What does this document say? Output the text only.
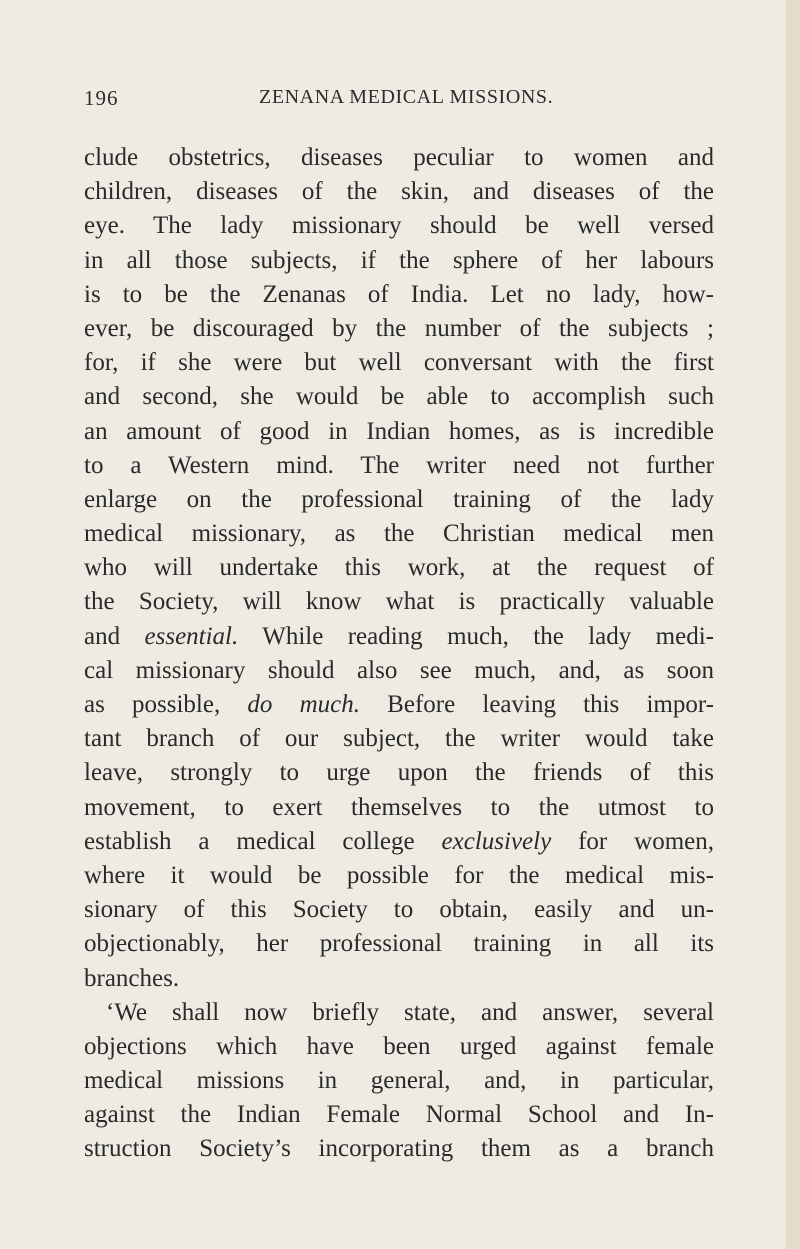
196	ZENANA MEDICAL MISSIONS.
clude obstetrics, diseases peculiar to women and
children, diseases of the skin, and diseases of the
eye. The lady missionary should be well versed
in all those subjects, if the sphere of her labours
is to be the Zenanas of India. Let no lady, how-
ever, be discouraged by the number of the subjects ;
for, if she were but well conversant with the first
and second, she would be able to accomplish such
an amount of good in Indian homes, as is incredible
to a Western mind. The writer need not further
enlarge on the professional training of the lady
medical missionary, as the Christian medical men
who will undertake this work, at the request of
the Society, will know what is practically valuable
and essential. While reading much, the lady medi-
cal missionary should also see much, and, as soon
as possible, do much. Before leaving this impor-
tant branch of our subject, the writer would take
leave, strongly to urge upon the friends of this
movement, to exert themselves to the utmost to
establish a medical college exclusively for women,
where it would be possible for the medical mis-
sionary of this Society to obtain, easily and un-
objectionably, her professional training in all its
branches.
‘We shall now briefly state, and answer, several
objections which have been urged against female
medical missions in general, and, in particular,
against the Indian Female Normal School and In-
struction Society’s incorporating them as a branch
